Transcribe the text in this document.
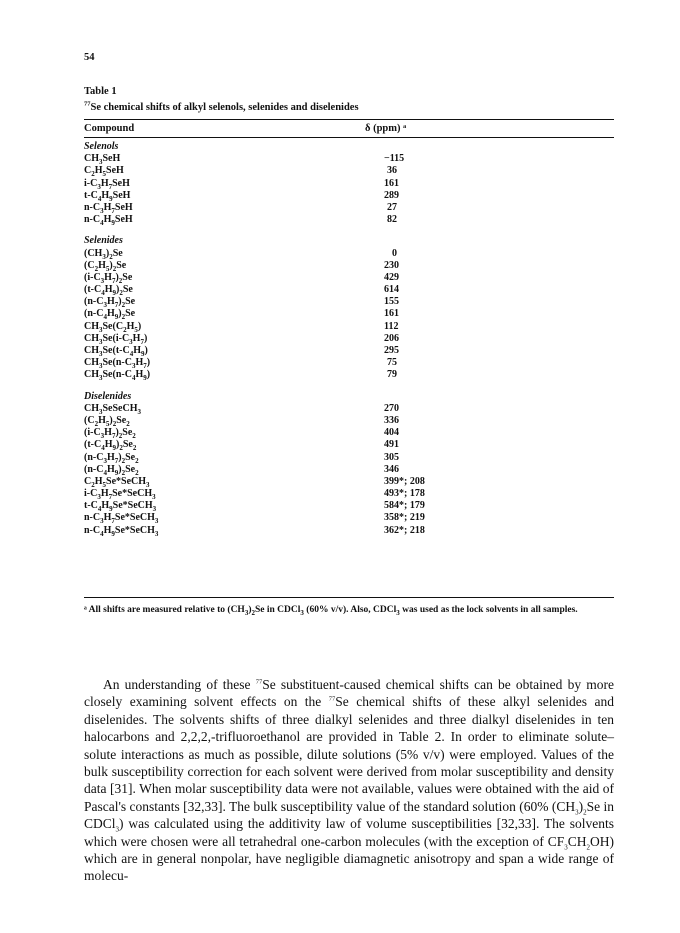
54
Table 1
$^{77}$Se chemical shifts of alkyl selenols, selenides and diselenides
Compound	δ (ppm) ᵃ
Selenols
$CH_3SeH$	−115
$C_2H_5SeH$	36
$i-C_3H_7SeH$	161
$t-C_4H_9SeH$	289
$n-C_3H_7SeH$	27
$n-C_4H_9SeH$	82
Selenides
$(CH_3)_2Se$	0
$(C_2H_5)_2Se$	230
$(i-C_3H_7)_2Se$	429
$(t-C_4H_9)_2Se$	614
$(n-C_3H_7)_2Se$	155
$(n-C_4H_9)_2Se$	161
$CH_3Se(C_2H_5)$	112
$CH_3Se(i-C_3H_7)$	206
$CH_3Se(t-C_4H_9)$	295
$CH_3Se(n-C_3H_7)$	75
$CH_3Se(n-C_4H_9)$	79
Diselenides
$CH_3SeSeCH_3$	270
$(C_2H_5)_2Se_2$	336
$(i-C_3H_7)_2Se_2$	404
$(t-C_4H_9)_2Se_2$	491
$(n-C_3H_7)_2Se_2$	305
$(n-C_4H_9)_2Se_2$	346
$C_2H_5Se*SeCH_3$	399*; 208
$i-C_3H_7Se*SeCH_3$	493*; 178
$t-C_4H_9Se*SeCH_3$	584*; 179
$n-C_3H_7Se*SeCH_3$	358*; 219
$n-C_4H_9Se*SeCH_3$	362*; 218
ᵃ All shifts are measured relative to $(CH_3)_2Se$ in CDCl$_3$ (60% v/v). Also, CDCl$_3$ was used as the lock solvents in all samples.

An understanding of these $^{77}$Se substituent-caused chemical shifts can be obtained by more closely examining solvent effects on the $^{77}$Se chemical shifts of these alkyl selenides and diselenides. The solvents shifts of three dialkyl selenides and three dialkyl diselenides in ten halocarbons and 2,2,2,-trifluoroethanol are provided in Table 2. In order to eliminate solute–solute interactions as much as possible, dilute solutions (5% v/v) were employed. Values of the bulk susceptibility correction for each solvent were derived from molar susceptibility and density data [31]. When molar susceptibility data were not available, values were obtained with the aid of Pascal's constants [32,33]. The bulk susceptibility value of the standard solution (60% $(CH_3)_2Se$ in CDCl$_3$) was calculated using the additivity law of volume susceptibilities [32,33]. The solvents which were chosen were all tetrahedral one-carbon molecules (with the exception of $CF_3CH_2OH$) which are in general nonpolar, have negligible diamagnetic anisotropy and span a wide range of molecu-
